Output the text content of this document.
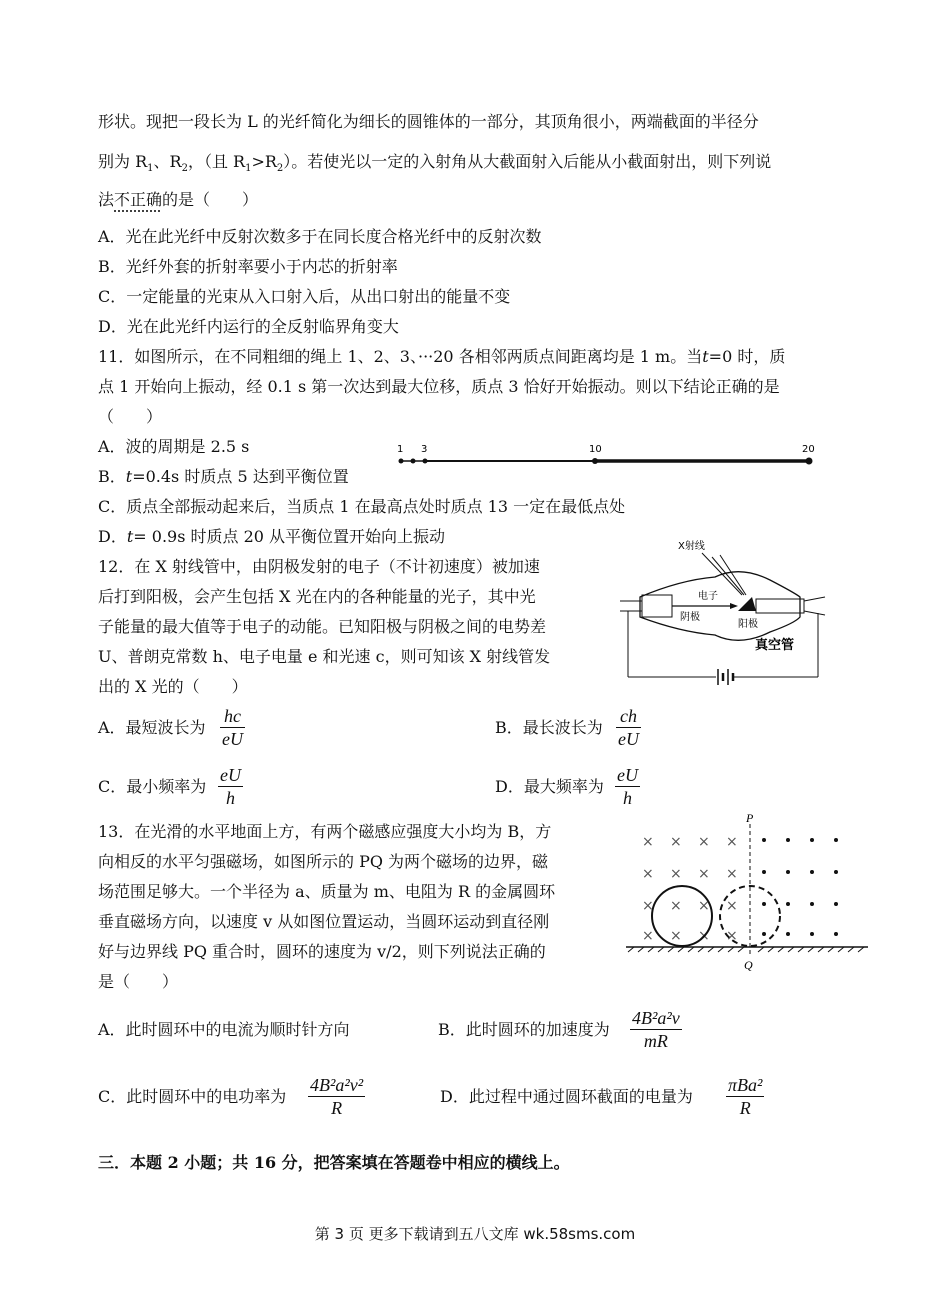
形状。现把一段长为 L 的光纤简化为细长的圆锥体的一部分，其顶角很小，两端截面的半径分
别为 $R_1$、$R_2$，（且 $R_1>R_2$）。若使光以一定的入射角从大截面射入后能从小截面射出，则下列说
法不正确的是（　　）
A．光在此光纤中反射次数多于在同长度合格光纤中的反射次数
B．光纤外套的折射率要小于内芯的折射率
C．一定能量的光束从入口射入后，从出口射出的能量不变
D．光在此光纤内运行的全反射临界角变大
11．如图所示，在不同粗细的绳上 1、2、3、···20 各相邻两质点间距离均是 1 m。当t=0 时，质
点 1 开始向上振动，经 0.1 s 第一次达到最大位移，质点 3 恰好开始振动。则以下结论正确的是
（　　）
A．波的周期是 2.5 s
B．t=0.4s 时质点 5 达到平衡位置
C．质点全部振动起来后，当质点 1 在最高点处时质点 13 一定在最低点处
D．t= 0.9s 时质点 20 从平衡位置开始向上振动
1 3	10	20
12．在 X 射线管中，由阴极发射的电子（不计初速度）被加速
后打到阳极，会产生包括 X 光在内的各种能量的光子，其中光
子能量的最大值等于电子的动能。已知阳极与阴极之间的电势差
U、普朗克常数 h、电子电量 e 和光速 c，则可知该 X 射线管发
出的 X 光的（　　）
X射线
电子
阴极
阳极
真空管
A．最短波长为
hc
eU
B．最长波长为
ch
eU
C．最小频率为
eU
h
D．最大频率为
eU
h
13．在光滑的水平地面上方，有两个磁感应强度大小均为 B，方
向相反的水平匀强磁场，如图所示的 PQ 为两个磁场的边界，磁
场范围足够大。一个半径为 a、质量为 m、电阻为 R 的金属圆环
垂直磁场方向，以速度 v 从如图位置运动，当圆环运动到直径刚
好与边界线 PQ 重合时，圆环的速度为 v/2，则下列说法正确的
是（　　）
× × × ×
× × × ×
× × × ×
× × × ×
P
Q
A．此时圆环中的电流为顺时针方向	B．此时圆环的加速度为
4B²a²v
mR
C．此时圆环中的电功率为
4B²a²v²
R
D．此过程中通过圆环截面的电量为
πBa²
R
三．本题 2 小题；共 16 分，把答案填在答题卷中相应的横线上。
第 3 页 更多下载请到五八文库 wk.58sms.com
